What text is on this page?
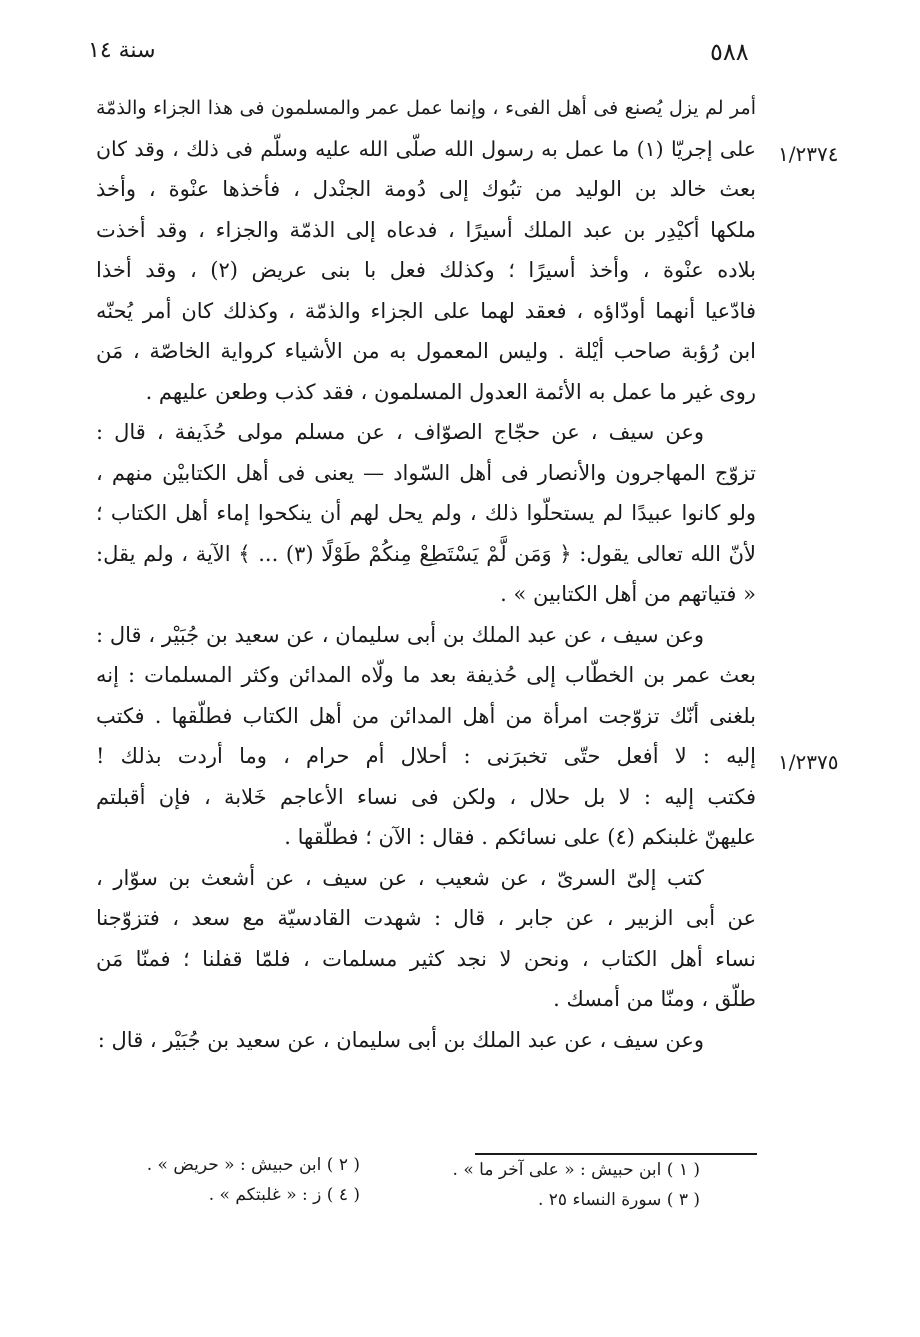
سنة ١٤	٥٨٨
١/٢٣٧٤
١/٢٣٧٥
أمر لم يزل يُصنع فى أهل الفىء ، وإنما عمل عمر والمسلمون فى هذا الجزاء والذمّة
على إجريّا (١) ما عمل به رسول الله صلّى الله عليه وسلّم فى ذلك ، وقد كان
بعث خالد بن الوليد من تبُوك إلى دُومة الجنْدل ، فأخذها عنْوة ، وأخذ
ملكها أكيْدِر بن عبد الملك أسيرًا ، فدعاه إلى الذمّة والجزاء ، وقد أخذت
بلاده عنْوة ، وأخذ أسيرًا ؛ وكذلك فعل با بنى عريض (٢) ، وقد أخذا
فادّعيا أنهما أودّاؤه ، فعقد لهما على الجزاء والذمّة ، وكذلك كان أمر يُحنّه
ابن رُؤبة صاحب أيْلة . وليس المعمول به من الأشياء كرواية الخاصّة ، مَن
روى غير ما عمل به الأئمة العدول المسلمون ، فقد كذب وطعن عليهم .
وعن سيف ، عن حجّاج الصوّاف ، عن مسلم مولى حُذَيفة ، قال :
تزوّج المهاجرون والأنصار فى أهل السّواد — يعنى فى أهل الكتابيْن منهم ،
ولو كانوا عبيدًا لم يستحلّوا ذلك ، ولم يحل لهم أن ينكحوا إماء أهل الكتاب ؛
لأنّ الله تعالى يقول: ﴿ وَمَن لَّمْ يَسْتَطِعْ مِنكُمْ طَوْلًا (٣) ... ﴾ الآية ، ولم يقل:
« فتياتهم من أهل الكتابين » .
وعن سيف ، عن عبد الملك بن أبى سليمان ، عن سعيد بن جُبَيْر ، قال :
بعث عمر بن الخطّاب إلى حُذيفة بعد ما ولّاه المدائن وكثر المسلمات : إنه
بلغنى أنّك تزوّجت امرأة من أهل المدائن من أهل الكتاب فطلّقها . فكتب
إليه : لا أفعل حتّى تخبرَنى : أحلال أم حرام ، وما أردت بذلك !
فكتب إليه : لا بل حلال ، ولكن فى نساء الأعاجم خَلابة ، فإن أقبلتم
عليهنّ غلبنكم (٤) على نسائكم . فقال : الآن ؛ فطلّقها .
كتب إلىّ السرىّ ، عن شعيب ، عن سيف ، عن أشعث بن سوّار ،
عن أبى الزبير ، عن جابر ، قال : شهدت القادسيّة مع سعد ، فتزوّجنا
نساء أهل الكتاب ، ونحن لا نجد كثير مسلمات ، فلمّا قفلنا ؛ فمنّا مَن
طلّق ، ومنّا من أمسك .
وعن سيف ، عن عبد الملك بن أبى سليمان ، عن سعيد بن جُبَيْر ، قال :
( ١ ) ابن حبيش : « على آخر ما » .
( ٢ ) ابن حبيش : « حريض » .
( ٣ ) سورة النساء ٢٥ .
( ٤ ) ز : « غلبتكم » .
